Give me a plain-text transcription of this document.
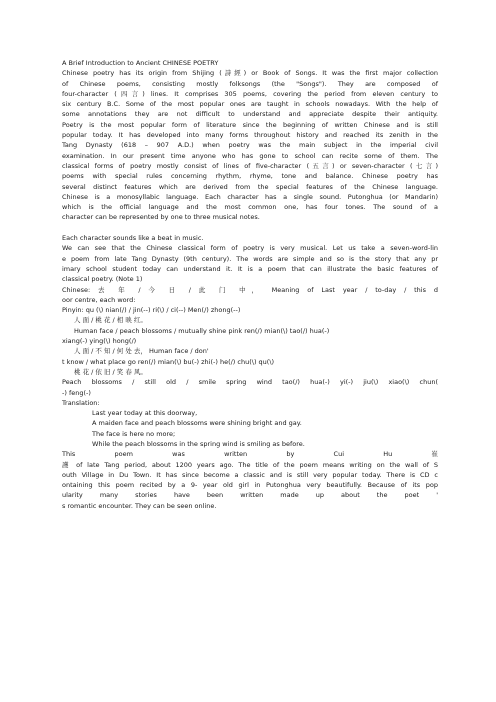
A Brief Introduction to Ancient CHINESE POETRY
Chinese poetry has its origin from Shijing (詩經) or Book of Songs. It was the first major collection
of Chinese poems, consisting mostly folksongs (the "Songs"). They are composed of
four-character (四言) lines. It comprises 305 poems, covering the period from eleven century to
six century B.C. Some of the most popular ones are taught in schools nowadays. With the help of
some annotations they are not difficult to understand and appreciate despite their antiquity.
Poetry is the most popular form of literature since the beginning of written Chinese and is still
popular today. It has developed into many forms throughout history and reached its zenith in the
Tang Dynasty (618 – 907 A.D.) when poetry was the main subject in the imperial civil
examination. In our present time anyone who has gone to school can recite some of them. The
classical forms of poetry mostly consist of lines of five-character (五言) or seven-character (七言)
poems with special rules concerning rhythm, rhyme, tone and balance. Chinese poetry has
several distinct features which are derived from the special features of the Chinese language.
Chinese is a monosyllabic language. Each character has a single sound. Putonghua (or Mandarin)
which is the official language and the most common one, has four tones. The sound of a
character can be represented by one to three musical notes.
Each character sounds like a beat in music.
We can see that the Chinese classical form of poetry is very musical. Let us take a seven-word-lin
e poem from late Tang Dynasty (9th century). The words are simple and so is the story that any pr
imary school student today can understand it. It is a poem that can illustrate the basic features of
classical poetry. (Note 1)
Chinese: 去 年 / 今 日 / 此 门 中， Meaning of Last year / to-day / this d
oor centre, each word:
Pinyin: qu (\) nian(/) / jin(--) ri(\) / ci(--) Men(/) zhong(--)
人 面 / 桃 花 / 相 映 红。
Human face / peach blossoms / mutually shine pink ren(/) mian(\) tao(/) hua(-)
xiang(-) ying(\) hong(/)
人 面 / 不 知 / 何 处 去， Human face / don'
t know / what place go ren(/) mian(\) bu(-) zhi(-) he(/) chu(\) qu(\)
桃 花 / 依 旧 / 笑 春 风。
Peach blossoms / still old / smile spring wind tao(/) hua(-) yi(-) jiu(\) xiao(\) chun(
-) feng(-)
Translation:
Last year today at this doorway,
A maiden face and peach blossoms were shining bright and gay.
The face is here no more;
While the peach blossoms in the spring wind is smiling as before.
This poem was written by Cui Hu 崔
護 of late Tang period, about 1200 years ago. The title of the poem means writing on the wall of S
outh Village in Du Town. It has since become a classic and is still very popular today. There is CD c
ontaining this poem recited by a 9- year old girl in Putonghua very beautifully. Because of its pop
ularity many stories have been written made up about the poet '
s romantic encounter. They can be seen online.
